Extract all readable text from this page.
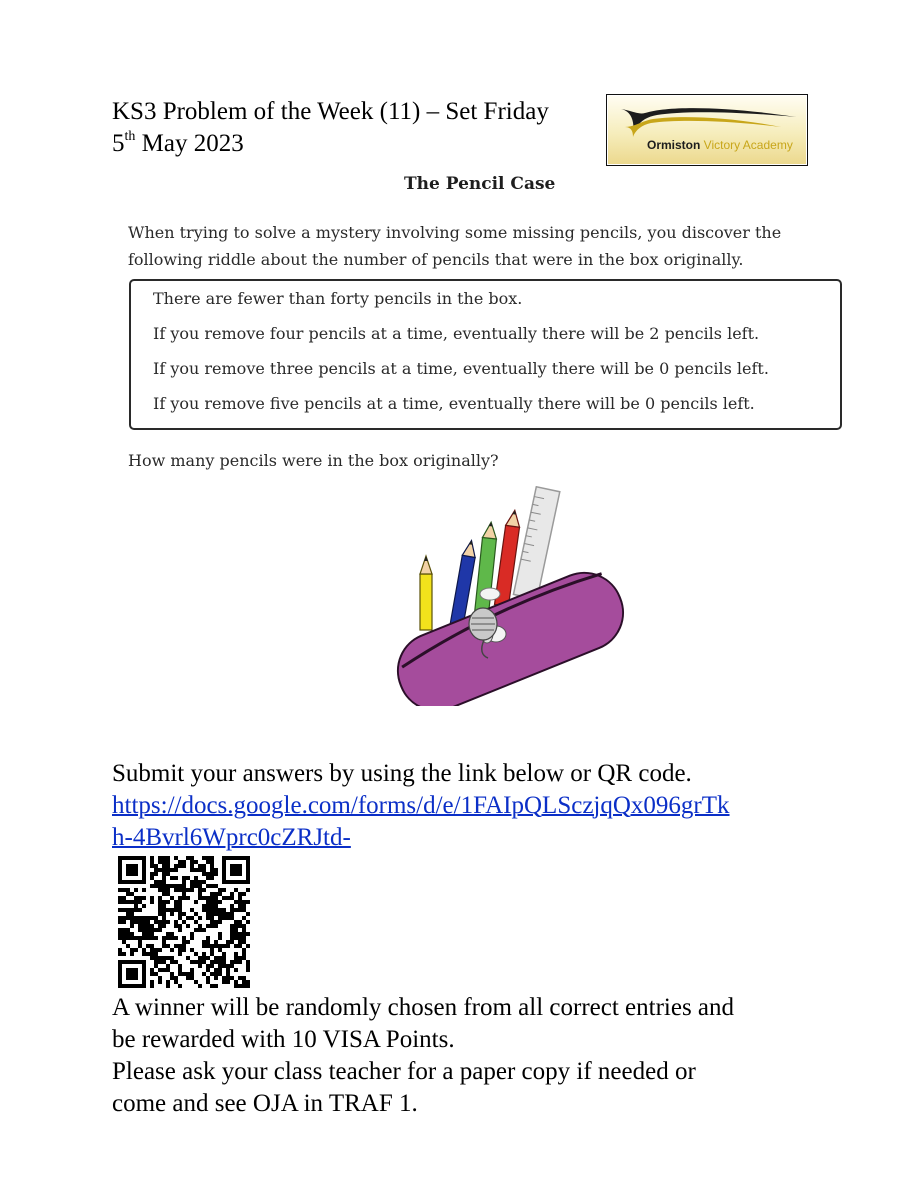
KS3 Problem of the Week (11) – Set Friday
5th May 2023	Ormiston Victory Academy
The Pencil Case
When trying to solve a mystery involving some missing pencils, you discover the following riddle about the number of pencils that were in the box originally.
There are fewer than forty pencils in the box.
If you remove four pencils at a time, eventually there will be 2 pencils left.
If you remove three pencils at a time, eventually there will be 0 pencils left.
If you remove five pencils at a time, eventually there will be 0 pencils left.
How many pencils were in the box originally?
Submit your answers by using the link below or QR code.
https://docs.google.com/forms/d/e/1FAIpQLSczjqQx096grTk
h-4Bvrl6Wprc0cZRJtd-
A winner will be randomly chosen from all correct entries and
be rewarded with 10 VISA Points.
Please ask your class teacher for a paper copy if needed or
come and see OJA in TRAF 1.
